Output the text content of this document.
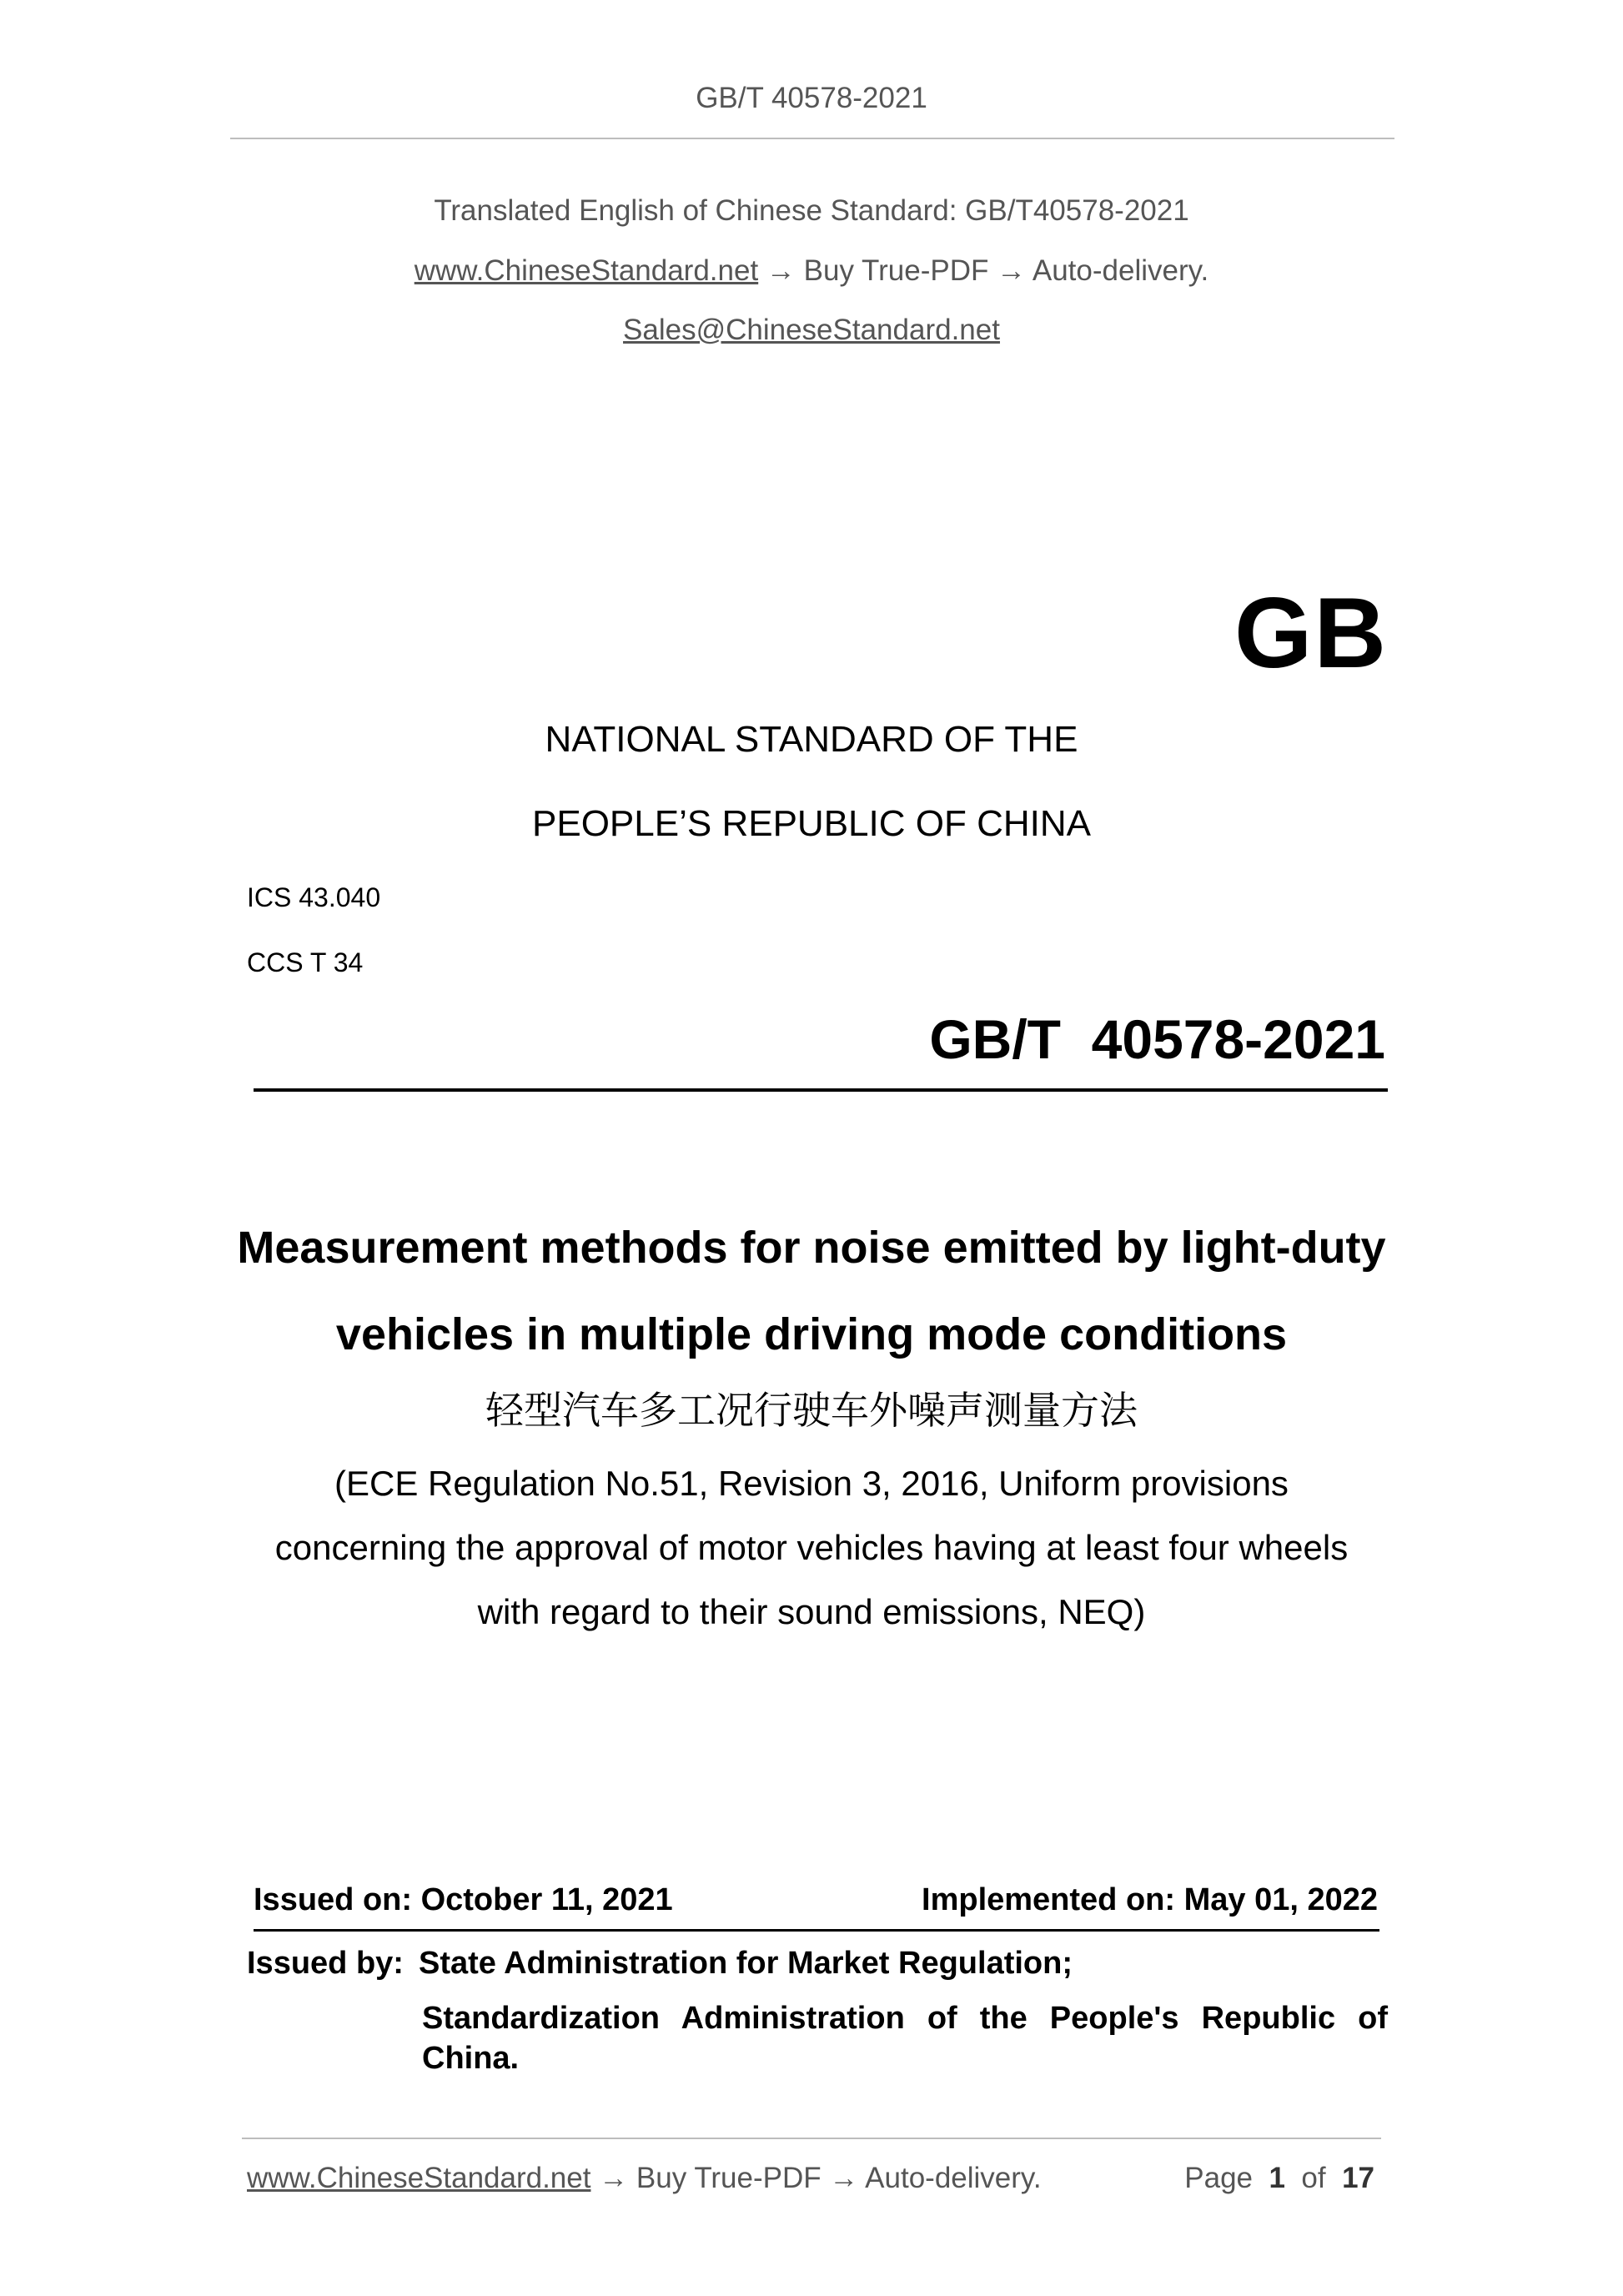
GB/T 40578-2021
Translated English of Chinese Standard: GB/T40578-2021
www.ChineseStandard.net → Buy True-PDF → Auto-delivery.
Sales@ChineseStandard.net
GB
NATIONAL STANDARD OF THE
PEOPLE’S REPUBLIC OF CHINA
ICS 43.040
CCS T 34
GB/T  40578-2021
Measurement methods for noise emitted by light-duty
vehicles in multiple driving mode conditions
轻型汽车多工况行驶车外噪声测量方法
(ECE Regulation No.51, Revision 3, 2016, Uniform provisions
concerning the approval of motor vehicles having at least four wheels
with regard to their sound emissions, NEQ)
Issued on: October 11, 2021	Implemented on: May 01, 2022
Issued by: State Administration for Market Regulation;
Standardization Administration of the People's Republic of
China.
www.ChineseStandard.net → Buy True-PDF → Auto-delivery.	Page 1 of 17
